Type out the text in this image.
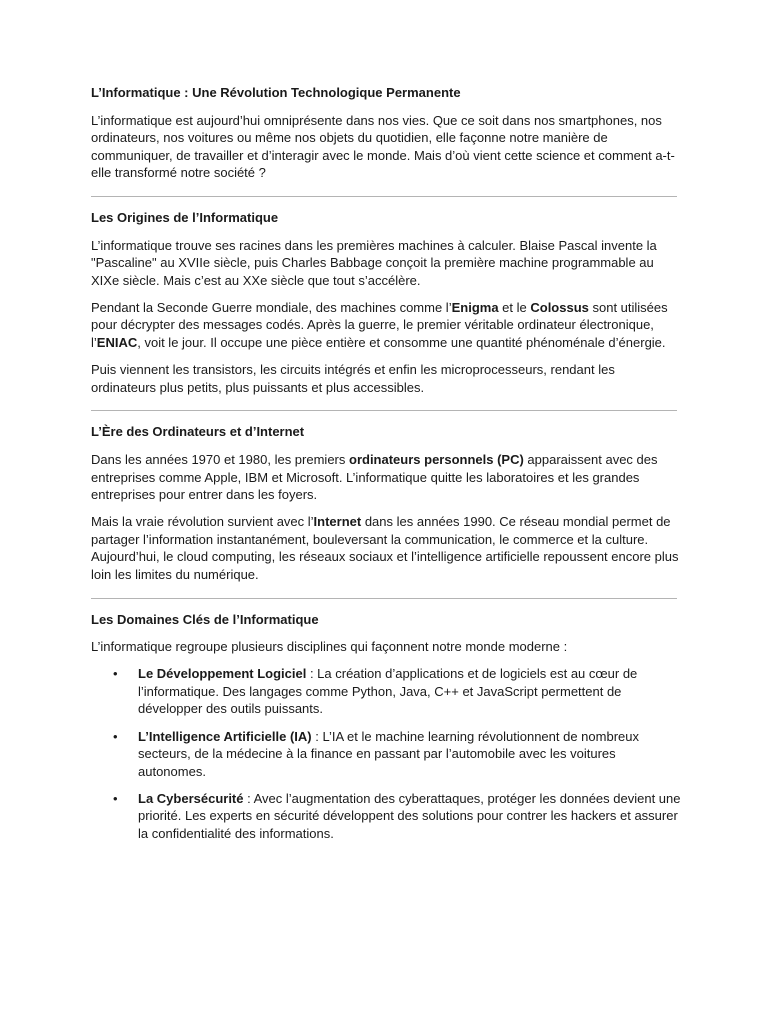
L’Informatique : Une Révolution Technologique Permanente

L’informatique est aujourd’hui omniprésente dans nos vies. Que ce soit dans nos smartphones, nos ordinateurs, nos voitures ou même nos objets du quotidien, elle façonne notre manière de communiquer, de travailler et d’interagir avec le monde. Mais d’où vient cette science et comment a-t-elle transformé notre société ?

Les Origines de l’Informatique

L’informatique trouve ses racines dans les premières machines à calculer. Blaise Pascal invente la "Pascaline" au XVIIe siècle, puis Charles Babbage conçoit la première machine programmable au XIXe siècle. Mais c’est au XXe siècle que tout s’accélère.

Pendant la Seconde Guerre mondiale, des machines comme l’Enigma et le Colossus sont utilisées pour décrypter des messages codés. Après la guerre, le premier véritable ordinateur électronique, l’ENIAC, voit le jour. Il occupe une pièce entière et consomme une quantité phénoménale d’énergie.

Puis viennent les transistors, les circuits intégrés et enfin les microprocesseurs, rendant les ordinateurs plus petits, plus puissants et plus accessibles.

L’Ère des Ordinateurs et d’Internet

Dans les années 1970 et 1980, les premiers ordinateurs personnels (PC) apparaissent avec des entreprises comme Apple, IBM et Microsoft. L’informatique quitte les laboratoires et les grandes entreprises pour entrer dans les foyers.

Mais la vraie révolution survient avec l’Internet dans les années 1990. Ce réseau mondial permet de partager l’information instantanément, bouleversant la communication, le commerce et la culture. Aujourd’hui, le cloud computing, les réseaux sociaux et l’intelligence artificielle repoussent encore plus loin les limites du numérique.

Les Domaines Clés de l’Informatique

L’informatique regroupe plusieurs disciplines qui façonnent notre monde moderne :

• Le Développement Logiciel : La création d’applications et de logiciels est au cœur de l’informatique. Des langages comme Python, Java, C++ et JavaScript permettent de développer des outils puissants.
• L’Intelligence Artificielle (IA) : L’IA et le machine learning révolutionnent de nombreux secteurs, de la médecine à la finance en passant par l’automobile avec les voitures autonomes.
• La Cybersécurité : Avec l’augmentation des cyberattaques, protéger les données devient une priorité. Les experts en sécurité développent des solutions pour contrer les hackers et assurer la confidentialité des informations.
